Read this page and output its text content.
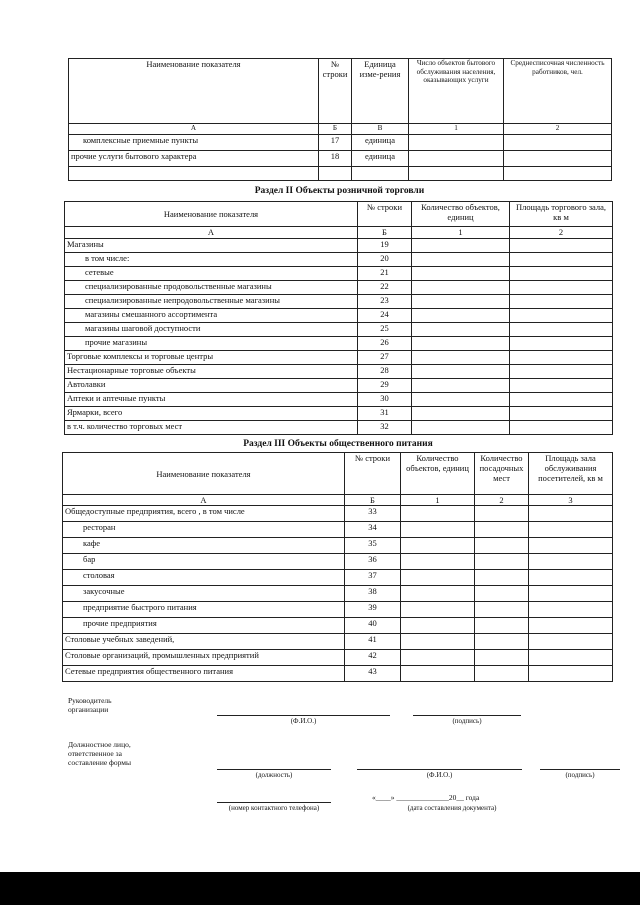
Наименование показателя	№ строки	Единица изме-рения	Число объектов бытового обслуживания населения, оказывающих услуги	Среднесписочная численность работников, чел.
А	Б	В	1	2
комплексные приемные пункты	17	единица		
прочие услуги бытового характера	18	единица		

Раздел II Объекты розничной торговли
Наименование показателя	№ строки	Количество объектов, единиц	Площадь торгового зала, кв м
А	Б	1	2
Магазины	19		
в том числе:	20		
сетевые	21		
специализированные продовольственные магазины	22		
специализированные непродовольственные магазины	23		
магазины смешанного ассортимента	24		
магазины шаговой доступности	25		
прочие магазины	26		
Торговые комплексы и торговые центры	27		
Нестационарные торговые объекты	28		
Автолавки	29		
Аптеки и аптечные пункты	30		
Ярмарки, всего	31		
в т.ч. количество торговых мест	32		
Раздел III Объекты общественного питания
Наименование показателя	№ строки	Количество объектов, единиц	Количество посадочных мест	Площадь зала обслуживания посетителей, кв м
А	Б	1	2	3
Общедоступные предприятия, всего , в том числе	33			
ресторан	34			
кафе	35			
бар	36			
столовая	37			
закусочные	38			
предприятие быстрого питания	39			
прочие предприятия	40			
Столовые учебных заведений,	41			
Столовые организаций, промышленных предприятий	42			
Сетевые предприятия общественного питания	43			
Руководитель организации
(Ф.И.О.)	(подпись)
Должностное лицо, ответственное за составление формы
(должность)	(Ф.И.О.)	(подпись)
(номер контактного телефона)
«____» ______________20__ года
(дата составления документа)
